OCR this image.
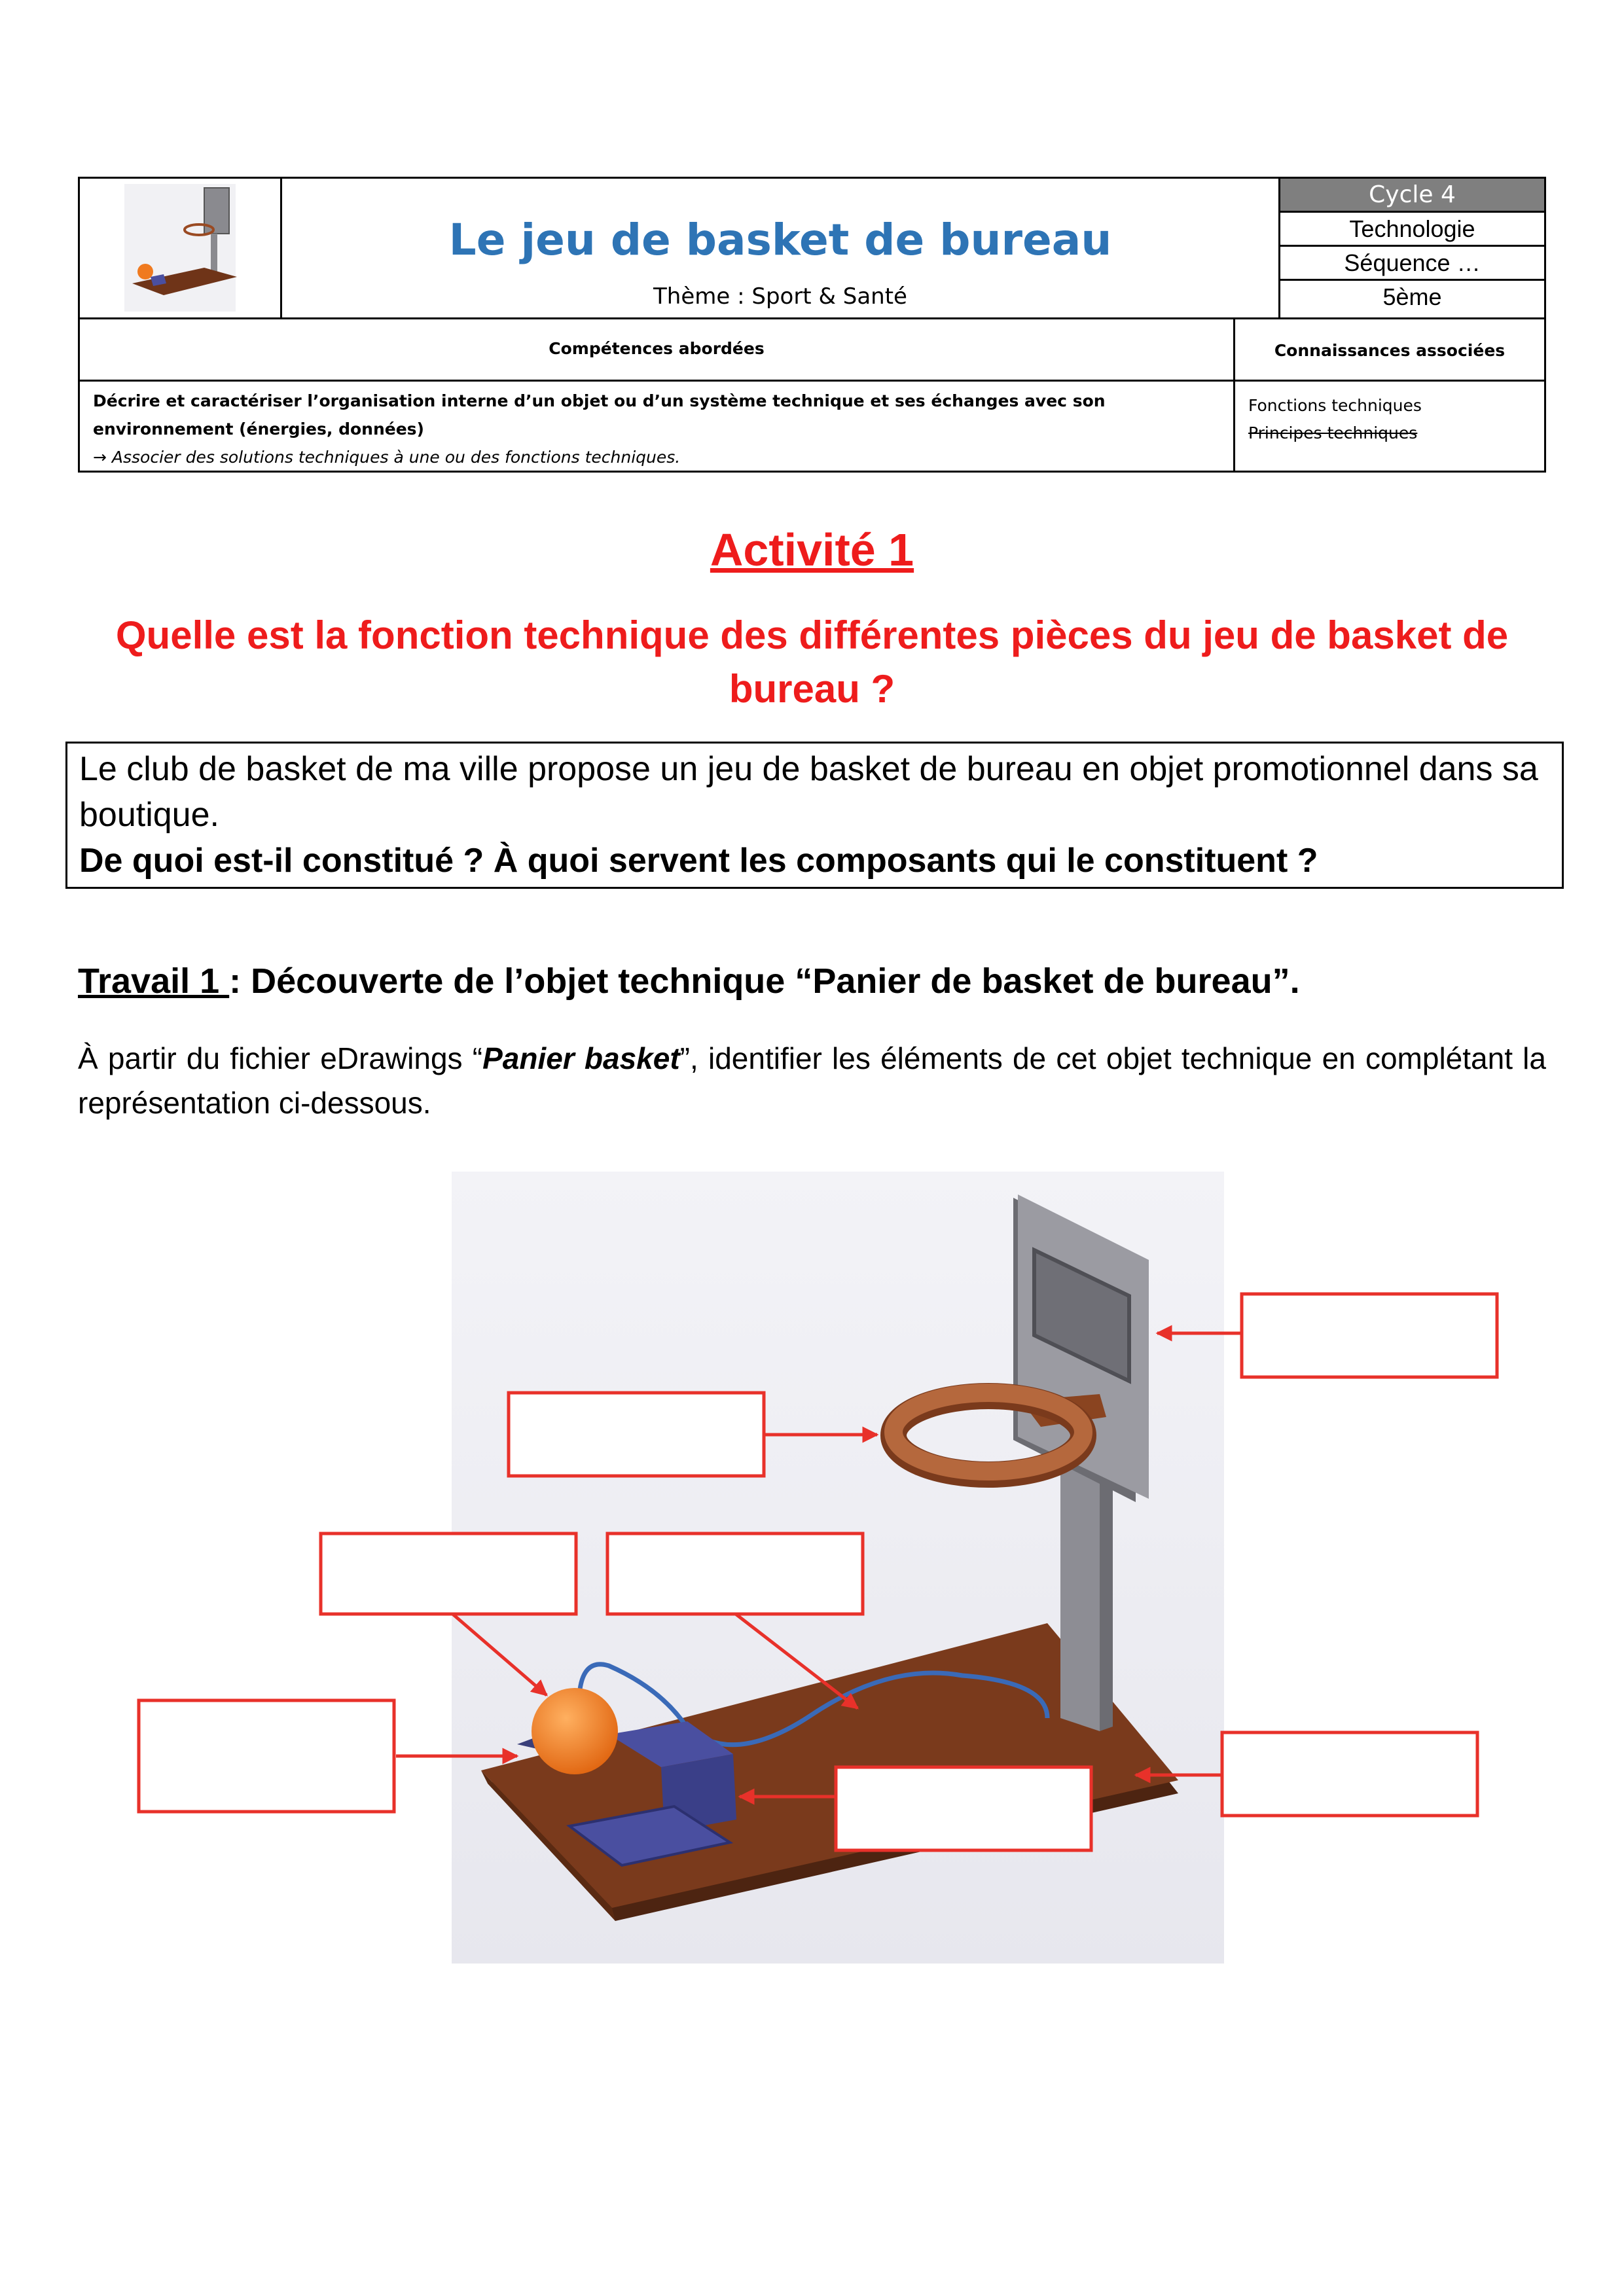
Le jeu de basket de bureau
Thème : Sport & Santé
Cycle 4
Technologie
Séquence …
5ème
Compétences abordées	Connaissances associées
Décrire et caractériser l’organisation interne d’un objet ou d’un système technique et ses échanges avec son environnement (énergies, données)
→ Associer des solutions techniques à une ou des fonctions techniques.
Fonctions techniques
Principes techniques
Activité 1
Quelle est la fonction technique des différentes pièces du jeu de basket de bureau ?
Le club de basket de ma ville propose un jeu de basket de bureau en objet promotionnel dans sa boutique.
De quoi est-il constitué ? À quoi servent les composants qui le constituent ?
Travail 1 : Découverte de l’objet technique “Panier de basket de bureau”.
À partir du fichier eDrawings “Panier basket”, identifier les éléments de cet objet technique en complétant la représentation ci-dessous.
